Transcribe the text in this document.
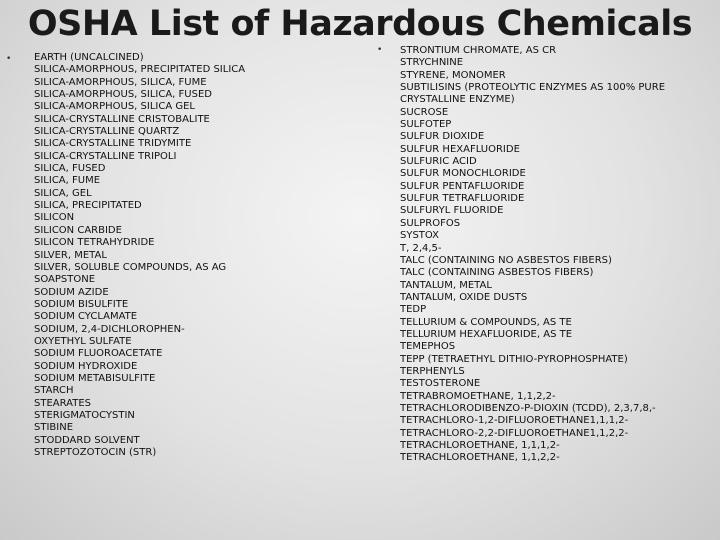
OSHA List of Hazardous Chemicals
• EARTH (UNCALCINED)
SILICA-AMORPHOUS, PRECIPITATED SILICA
SILICA-AMORPHOUS, SILICA, FUME
SILICA-AMORPHOUS, SILICA, FUSED
SILICA-AMORPHOUS, SILICA GEL
SILICA-CRYSTALLINE CRISTOBALITE
SILICA-CRYSTALLINE QUARTZ
SILICA-CRYSTALLINE TRIDYMITE
SILICA-CRYSTALLINE TRIPOLI
SILICA, FUSED
SILICA, FUME
SILICA, GEL
SILICA, PRECIPITATED
SILICON
SILICON CARBIDE
SILICON TETRAHYDRIDE
SILVER, METAL
SILVER, SOLUBLE COMPOUNDS, AS AG
SOAPSTONE
SODIUM AZIDE
SODIUM BISULFITE
SODIUM CYCLAMATE
SODIUM, 2,4-DICHLOROPHEN-
OXYETHYL SULFATE
SODIUM FLUOROACETATE
SODIUM HYDROXIDE
SODIUM METABISULFITE
STARCH
STEARATES
STERIGMATOCYSTIN
STIBINE
STODDARD SOLVENT
STREPTOZOTOCIN (STR)
• STRONTIUM CHROMATE, AS CR
STRYCHNINE
STYRENE, MONOMER
SUBTILISINS (PROTEOLYTIC ENZYMES AS 100% PURE
CRYSTALLINE ENZYME)
SUCROSE
SULFOTEP
SULFUR DIOXIDE
SULFUR HEXAFLUORIDE
SULFURIC ACID
SULFUR MONOCHLORIDE
SULFUR PENTAFLUORIDE
SULFUR TETRAFLUORIDE
SULFURYL FLUORIDE
SULPROFOS
SYSTOX
T, 2,4,5-
TALC (CONTAINING NO ASBESTOS FIBERS)
TALC (CONTAINING ASBESTOS FIBERS)
TANTALUM, METAL
TANTALUM, OXIDE DUSTS
TEDP
TELLURIUM & COMPOUNDS, AS TE
TELLURIUM HEXAFLUORIDE, AS TE
TEMEPHOS
TEPP (TETRAETHYL DITHIO-PYROPHOSPHATE)
TERPHENYLS
TESTOSTERONE
TETRABROMOETHANE, 1,1,2,2-
TETRACHLORODIBENZO-P-DIOXIN (TCDD), 2,3,7,8,-
TETRACHLORO-1,2-DIFLUOROETHANE1,1,1,2-
TETRACHLORO-2,2-DIFLUOROETHANE1,1,2,2-
TETRACHLOROETHANE, 1,1,1,2-
TETRACHLOROETHANE, 1,1,2,2-
